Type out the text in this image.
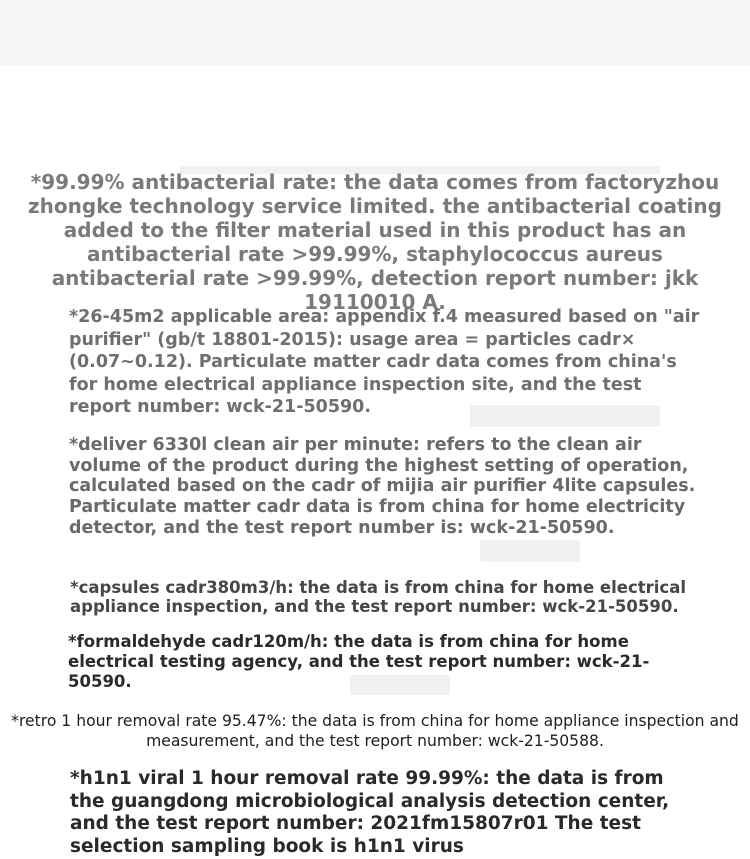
*99.99% antibacterial rate: the data comes from factoryzhou zhongke technology service limited. the antibacterial coating added to the filter material used in this product has an antibacterial rate >99.99%, staphylococcus aureus antibacterial rate >99.99%, detection report number: jkk 19110010 A.

*26-45m2 applicable area: appendix f.4 measured based on "air purifier" (gb/t 18801-2015): usage area = particles cadr× (0.07~0.12). Particulate matter cadr data comes from china's for home electrical appliance inspection site, and the test report number: wck-21-50590.

*deliver 6330l clean air per minute: refers to the clean air volume of the product during the highest setting of operation, calculated based on the cadr of mijia air purifier 4lite capsules. Particulate matter cadr data is from china for home electricity detector, and the test report number is: wck-21-50590.

*capsules cadr380m3/h: the data is from china for home electrical appliance inspection, and the test report number: wck-21-50590.

*formaldehyde cadr120m/h: the data is from china for home electrical testing agency, and the test report number: wck-21-50590.

*retro 1 hour removal rate 95.47%: the data is from china for home appliance inspection and measurement, and the test report number: wck-21-50588.

*h1n1 viral 1 hour removal rate 99.99%: the data is from the guangdong microbiological analysis detection center, and the test report number: 2021fm15807r01 The test selection sampling book is h1n1 virus
